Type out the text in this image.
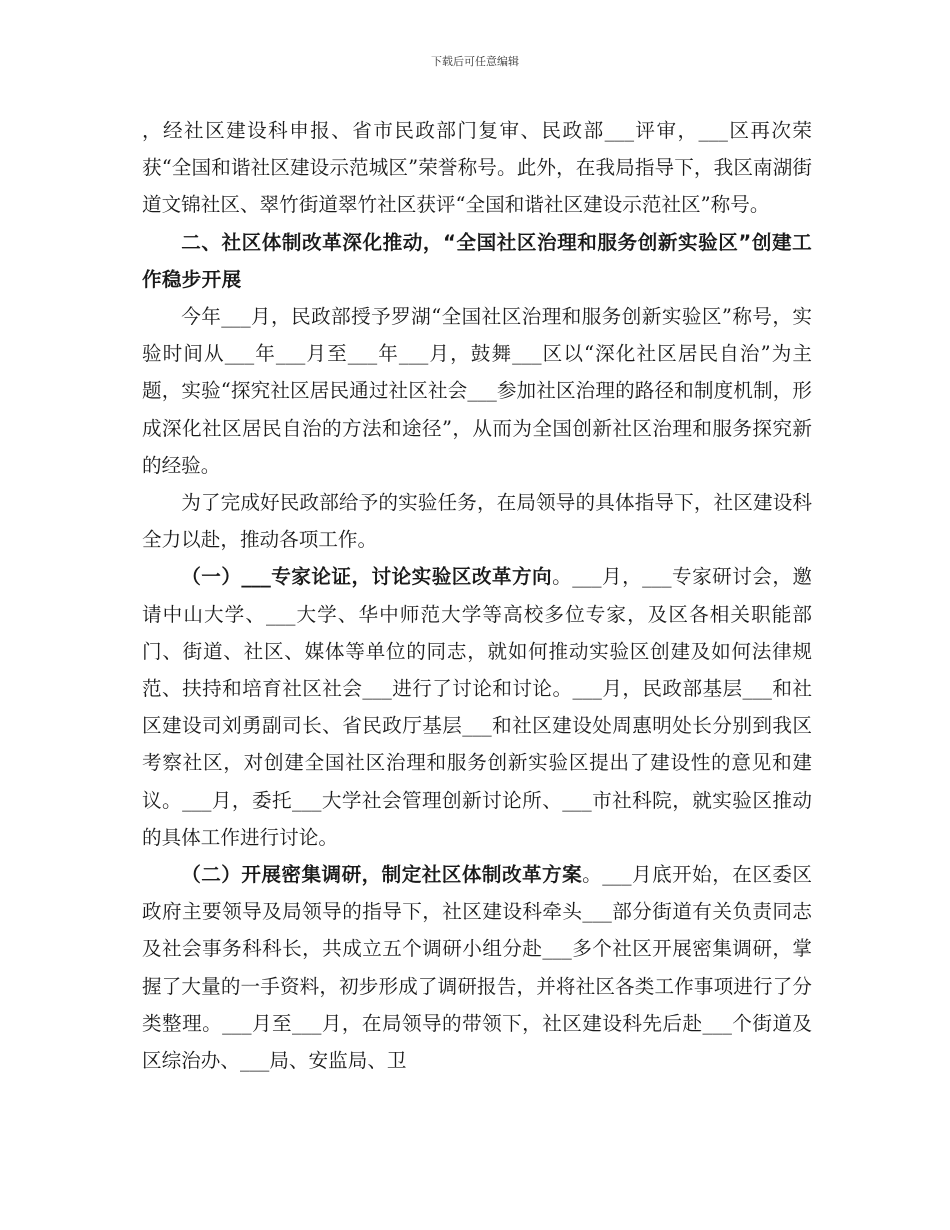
下载后可任意编辑

，经社区建设科申报、省市民政部门复审、民政部___评审，___区再次荣获“全国和谐社区建设示范城区”荣誉称号。此外，在我局指导下，我区南湖街道文锦社区、翠竹街道翠竹社区获评“全国和谐社区建设示范社区”称号。

二、社区体制改革深化推动，“全国社区治理和服务创新实验区”创建工作稳步开展

今年___月，民政部授予罗湖“全国社区治理和服务创新实验区”称号，实验时间从___年___月至___年___月，鼓舞___区以“深化社区居民自治”为主题，实验“探究社区居民通过社区社会___参加社区治理的路径和制度机制，形成深化社区居民自治的方法和途径”，从而为全国创新社区治理和服务探究新的经验。

为了完成好民政部给予的实验任务，在局领导的具体指导下，社区建设科全力以赴，推动各项工作。

（一）___专家论证，讨论实验区改革方向。___月，___专家研讨会，邀请中山大学、___大学、华中师范大学等高校多位专家，及区各相关职能部门、街道、社区、媒体等单位的同志，就如何推动实验区创建及如何法律规范、扶持和培育社区社会___进行了讨论和讨论。___月，民政部基层___和社区建设司刘勇副司长、省民政厅基层___和社区建设处周惠明处长分别到我区考察社区，对创建全国社区治理和服务创新实验区提出了建设性的意见和建议。___月，委托___大学社会管理创新讨论所、___市社科院，就实验区推动的具体工作进行讨论。

（二）开展密集调研，制定社区体制改革方案。___月底开始，在区委区政府主要领导及局领导的指导下，社区建设科牵头___部分街道有关负责同志及社会事务科科长，共成立五个调研小组分赴___多个社区开展密集调研，掌握了大量的一手资料，初步形成了调研报告，并将社区各类工作事项进行了分类整理。___月至___月，在局领导的带领下，社区建设科先后赴___个街道及区综治办、___局、安监局、卫
